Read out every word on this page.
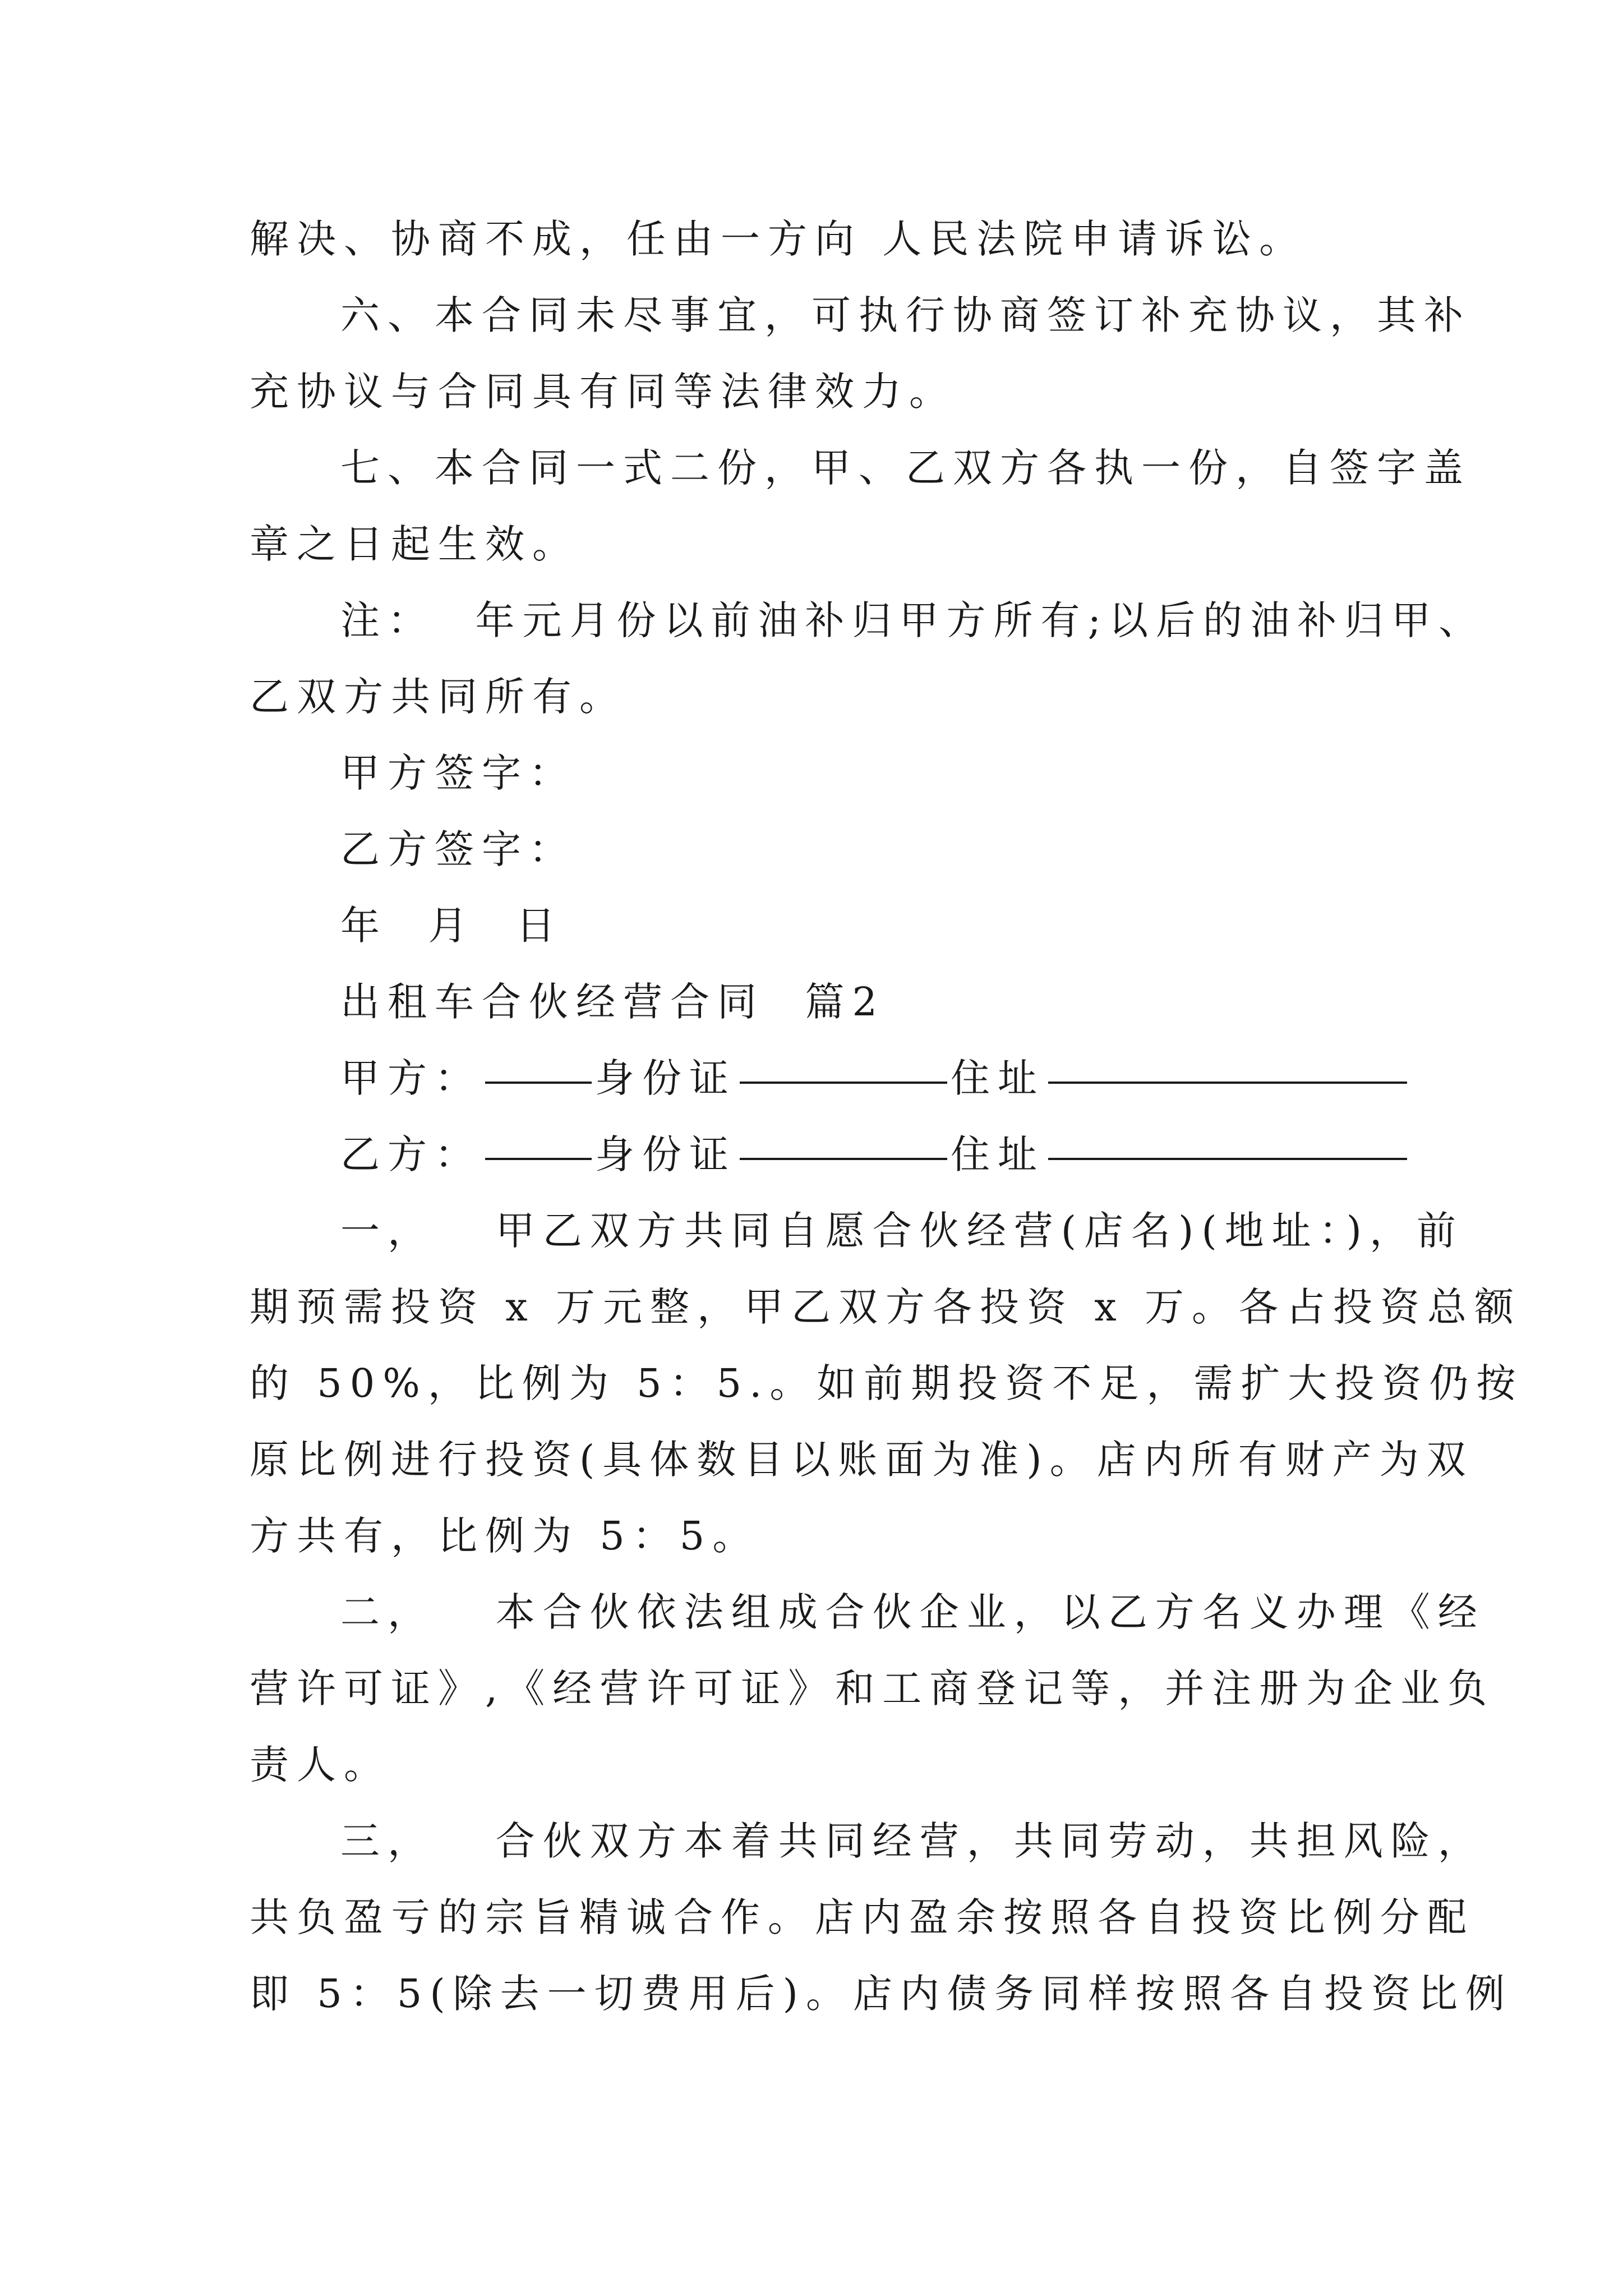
解决、协商不成，任由一方向 人民法院申请诉讼。
六、本合同未尽事宜，可执行协商签订补充协议，其补
充协议与合同具有同等法律效力。
七、本合同一式二份，甲、乙双方各执一份，自签字盖
章之日起生效。
注：  年元月份以前油补归甲方所有;以后的油补归甲、
乙双方共同所有。
甲方签字：
乙方签字：
年  月  日
出租车合伙经营合同  篇2
甲方：	身份证	住址
乙方：	身份证	住址
一，   甲乙双方共同自愿合伙经营(店名)(地址：)，前
期预需投资 x 万元整，甲乙双方各投资 x 万。各占投资总额
的 50%，比例为 5：5.。如前期投资不足，需扩大投资仍按
原比例进行投资(具体数目以账面为准)。店内所有财产为双
方共有，比例为 5：5。
二，   本合伙依法组成合伙企业，以乙方名义办理《经
营许可证》,《经营许可证》和工商登记等，并注册为企业负
责人。
三，   合伙双方本着共同经营，共同劳动，共担风险，
共负盈亏的宗旨精诚合作。店内盈余按照各自投资比例分配
即 5：5(除去一切费用后)。店内债务同样按照各自投资比例
